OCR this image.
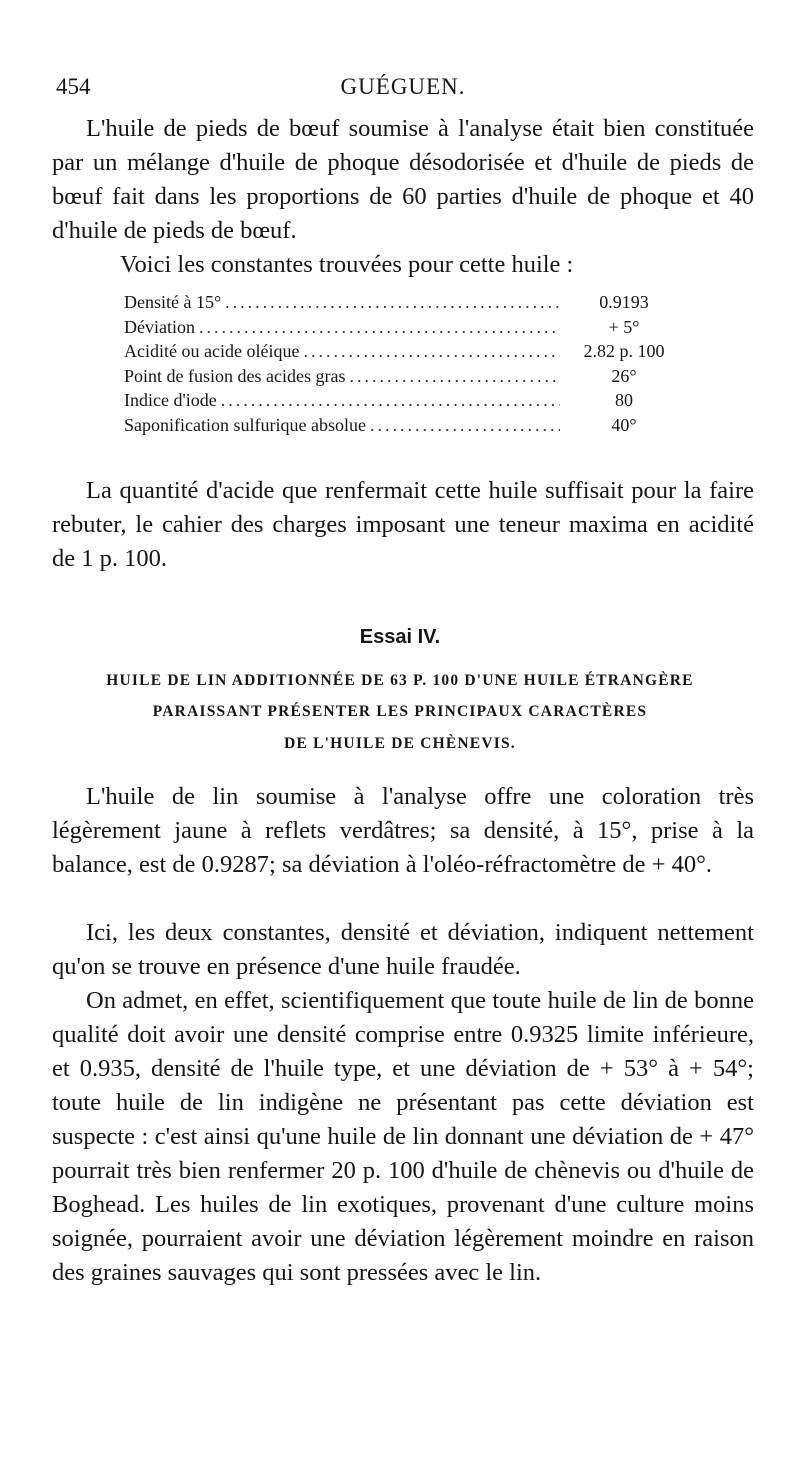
454	GUÉGUEN.
L'huile de pieds de bœuf soumise à l'analyse était bien constituée par un mélange d'huile de phoque désodorisée et d'huile de pieds de bœuf fait dans les proportions de 60 parties d'huile de phoque et 40 d'huile de pieds de bœuf.
Voici les constantes trouvées pour cette huile :
Densité à 15° .....	0.9193
Déviation .....	+ 5°
Acidité ou acide oléique .....	2.82 p. 100
Point de fusion des acides gras .....	26°
Indice d'iode .....	80
Saponification sulfurique absolue .....	40°

La quantité d'acide que renfermait cette huile suffisait pour la faire rebuter, le cahier des charges imposant une teneur maxima en acidité de 1 p. 100.

Essai IV.
HUILE DE LIN ADDITIONNÉE DE 63 P. 100 D'UNE HUILE ÉTRANGÈRE
PARAISSANT PRÉSENTER LES PRINCIPAUX CARACTÈRES
DE L'HUILE DE CHÈNEVIS.

L'huile de lin soumise à l'analyse offre une coloration très légèrement jaune à reflets verdâtres; sa densité, à 15°, prise à la balance, est de 0.9287; sa déviation à l'oléo-réfractomètre de + 40°.

Ici, les deux constantes, densité et déviation, indiquent nettement qu'on se trouve en présence d'une huile fraudée.

On admet, en effet, scientifiquement que toute huile de lin de bonne qualité doit avoir une densité comprise entre 0.9325 limite inférieure, et 0.935, densité de l'huile type, et une déviation de + 53° à + 54°; toute huile de lin indigène ne présentant pas cette déviation est suspecte : c'est ainsi qu'une huile de lin donnant une déviation de + 47° pourrait très bien renfermer 20 p. 100 d'huile de chènevis ou d'huile de Boghead. Les huiles de lin exotiques, provenant d'une culture moins soignée, pourraient avoir une déviation légèrement moindre en raison des graines sauvages qui sont pressées avec le lin.
